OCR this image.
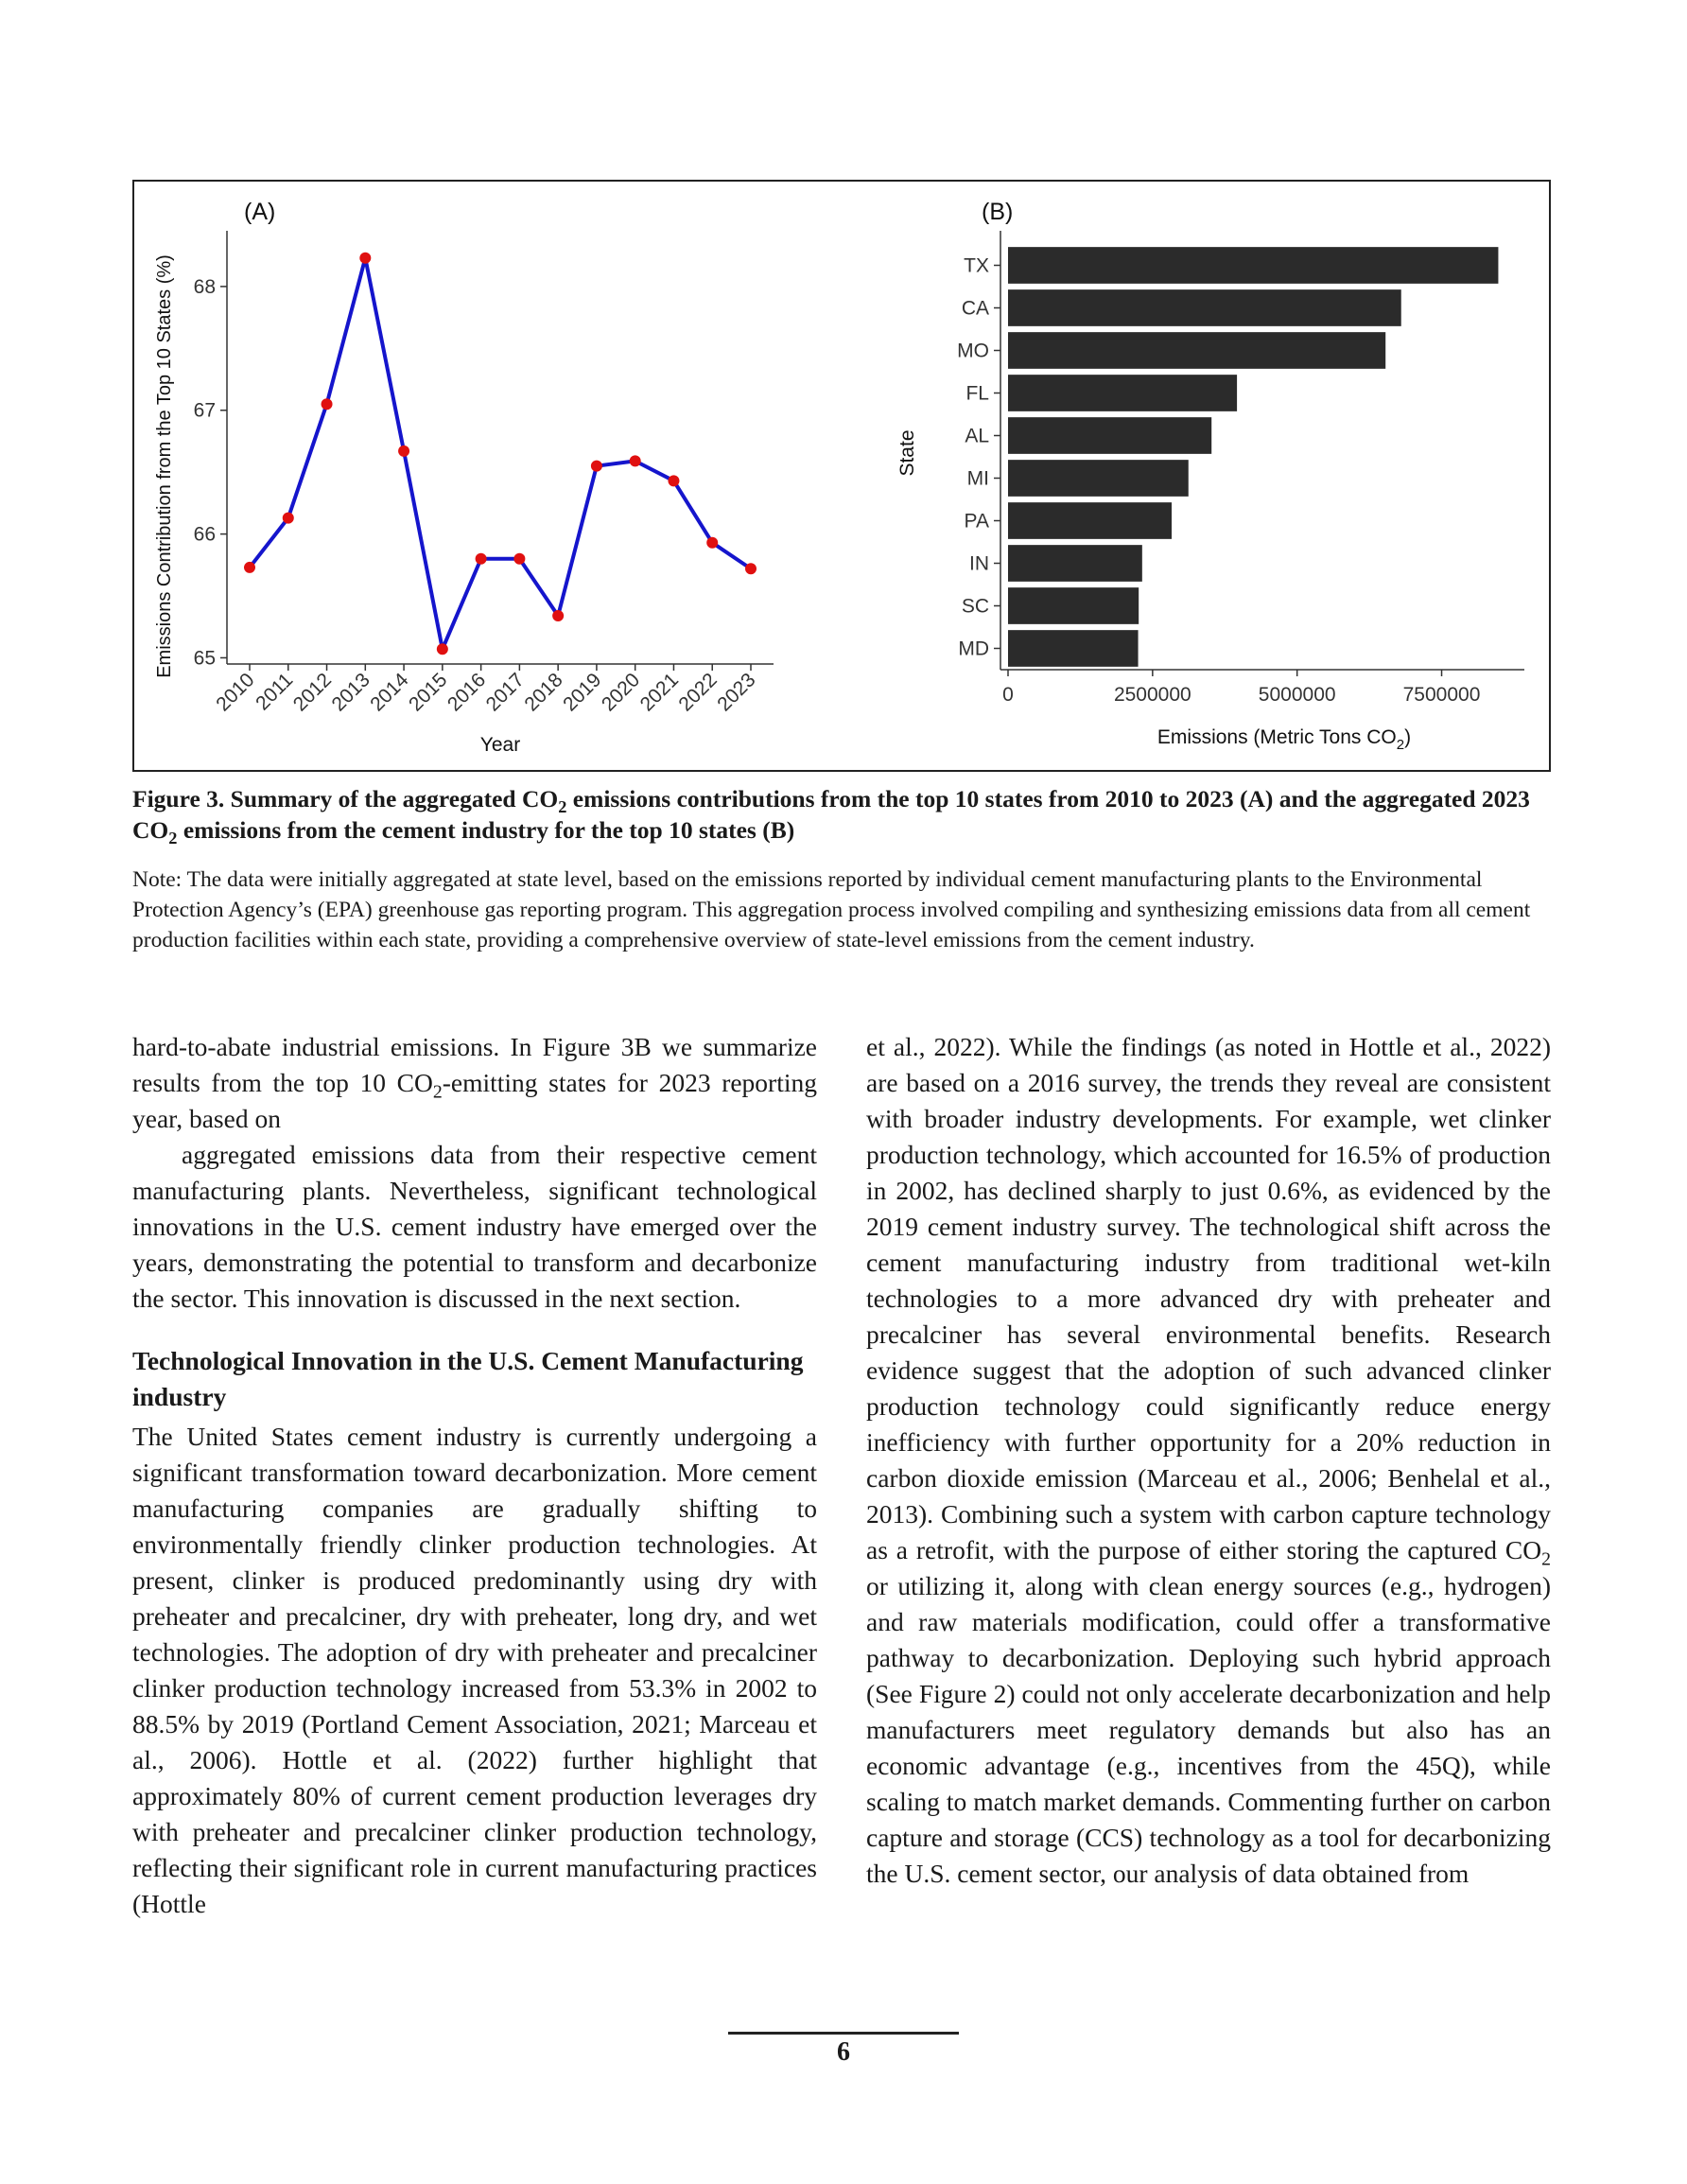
(A)
65
66
67
68
2010
2011
2012
2013
2014
2015
2016
2017
2018
2019
2020
2021
2022
2023
Year
Emissions Contribution from the Top 10 States (%)
(B)
TX
CA
MO
FL
AL
MI
PA
IN
SC
MD
0	2500000	5000000	7500000
State
Emissions (Metric Tons $CO_2$)
Figure 3. Summary of the aggregated $CO_2$ emissions contributions from the top 10 states from 2010 to 2023 (A) and the aggregated 2023 $CO_2$ emissions from the cement industry for the top 10 states (B)
Note: The data were initially aggregated at state level, based on the emissions reported by individual cement manufacturing plants to the Environmental Protection Agency’s (EPA) greenhouse gas reporting program. This aggregation process involved compiling and synthesizing emissions data from all cement production facilities within each state, providing a comprehensive overview of state-level emissions from the cement industry.

hard-to-abate industrial emissions. In Figure 3B we summarize results from the top 10 $CO_2$-emitting states for 2023 reporting year, based on

aggregated emissions data from their respective cement manufacturing plants. Nevertheless, significant technological innovations in the U.S. cement industry have emerged over the years, demonstrating the potential to transform and decarbonize the sector. This innovation is discussed in the next section.

Technological Innovation in the U.S. Cement Manufacturing industry

The United States cement industry is currently undergoing a significant transformation toward decarbonization. More cement manufacturing companies are gradually shifting to environmentally friendly clinker production technologies. At present, clinker is produced predominantly using dry with preheater and precalciner, dry with preheater, long dry, and wet technologies. The adoption of dry with preheater and precalciner clinker production technology increased from 53.3% in 2002 to 88.5% by 2019 (Portland Cement Association, 2021; Marceau et al., 2006). Hottle et al. (2022) further highlight that approximately 80% of current cement production leverages dry with preheater and precalciner clinker production technology, reflecting their significant role in current manufacturing practices (Hottle

et al., 2022). While the findings (as noted in Hottle et al., 2022) are based on a 2016 survey, the trends they reveal are consistent with broader industry developments. For example, wet clinker production technology, which accounted for 16.5% of production in 2002, has declined sharply to just 0.6%, as evidenced by the 2019 cement industry survey. The technological shift across the cement manufacturing industry from traditional wet-kiln technologies to a more advanced dry with preheater and precalciner has several environmental benefits. Research evidence suggest that the adoption of such advanced clinker production technology could significantly reduce energy inefficiency with further opportunity for a 20% reduction in carbon dioxide emission (Marceau et al., 2006; Benhelal et al., 2013). Combining such a system with carbon capture technology as a retrofit, with the purpose of either storing the captured $CO_2$ or utilizing it, along with clean energy sources (e.g., hydrogen) and raw materials modification, could offer a transformative pathway to decarbonization. Deploying such hybrid approach (See Figure 2) could not only accelerate decarbonization and help manufacturers meet regulatory demands but also has an economic advantage (e.g., incentives from the 45Q), while scaling to match market demands. Commenting further on carbon capture and storage (CCS) technology as a tool for decarbonizing the U.S. cement sector, our analysis of data obtained from

6
